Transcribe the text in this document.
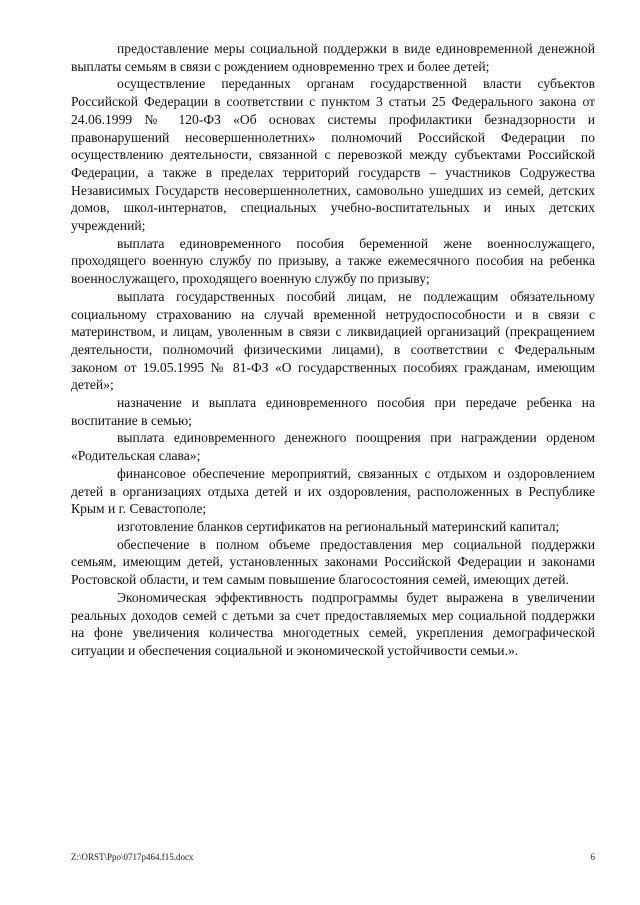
предоставление меры социальной поддержки в виде единовременной денежной выплаты семьям в связи с рождением одновременно трех и более детей;

осуществление переданных органам государственной власти субъектов Российской Федерации в соответствии с пунктом 3 статьи 25 Федерального закона от 24.06.1999 № 120-ФЗ «Об основах системы профилактики безнадзорности и правонарушений несовершеннолетних» полномочий Российской Федерации по осуществлению деятельности, связанной с перевозкой между субъектами Российской Федерации, а также в пределах территорий государств – участников Содружества Независимых Государств несовершеннолетних, самовольно ушедших из семей, детских домов, школ-интернатов, специальных учебно-воспитательных и иных детских учреждений;

выплата единовременного пособия беременной жене военнослужащего, проходящего военную службу по призыву, а также ежемесячного пособия на ребенка военнослужащего, проходящего военную службу по призыву;

выплата государственных пособий лицам, не подлежащим обязательному социальному страхованию на случай временной нетрудоспособности и в связи с материнством, и лицам, уволенным в связи с ликвидацией организаций (прекращением деятельности, полномочий физическими лицами), в соответствии с Федеральным законом от 19.05.1995 № 81-ФЗ «О государственных пособиях гражданам, имеющим детей»;

назначение и выплата единовременного пособия при передаче ребенка на воспитание в семью;

выплата единовременного денежного поощрения при награждении орденом «Родительская слава»;

финансовое обеспечение мероприятий, связанных с отдыхом и оздоровлением детей в организациях отдыха детей и их оздоровления, расположенных в Республике Крым и г. Севастополе;

изготовление бланков сертификатов на региональный материнский капитал;

обеспечение в полном объеме предоставления мер социальной поддержки семьям, имеющим детей, установленных законами Российской Федерации и законами Ростовской области, и тем самым повышение благосостояния семей, имеющих детей.

Экономическая эффективность подпрограммы будет выражена в увеличении реальных доходов семей с детьми за счет предоставляемых мер социальной поддержки на фоне увеличения количества многодетных семей, укрепления демографической ситуации и обеспечения социальной и экономической устойчивости семьи.».

Z:\ORST\Ppo\0717p464.f15.docx	6
